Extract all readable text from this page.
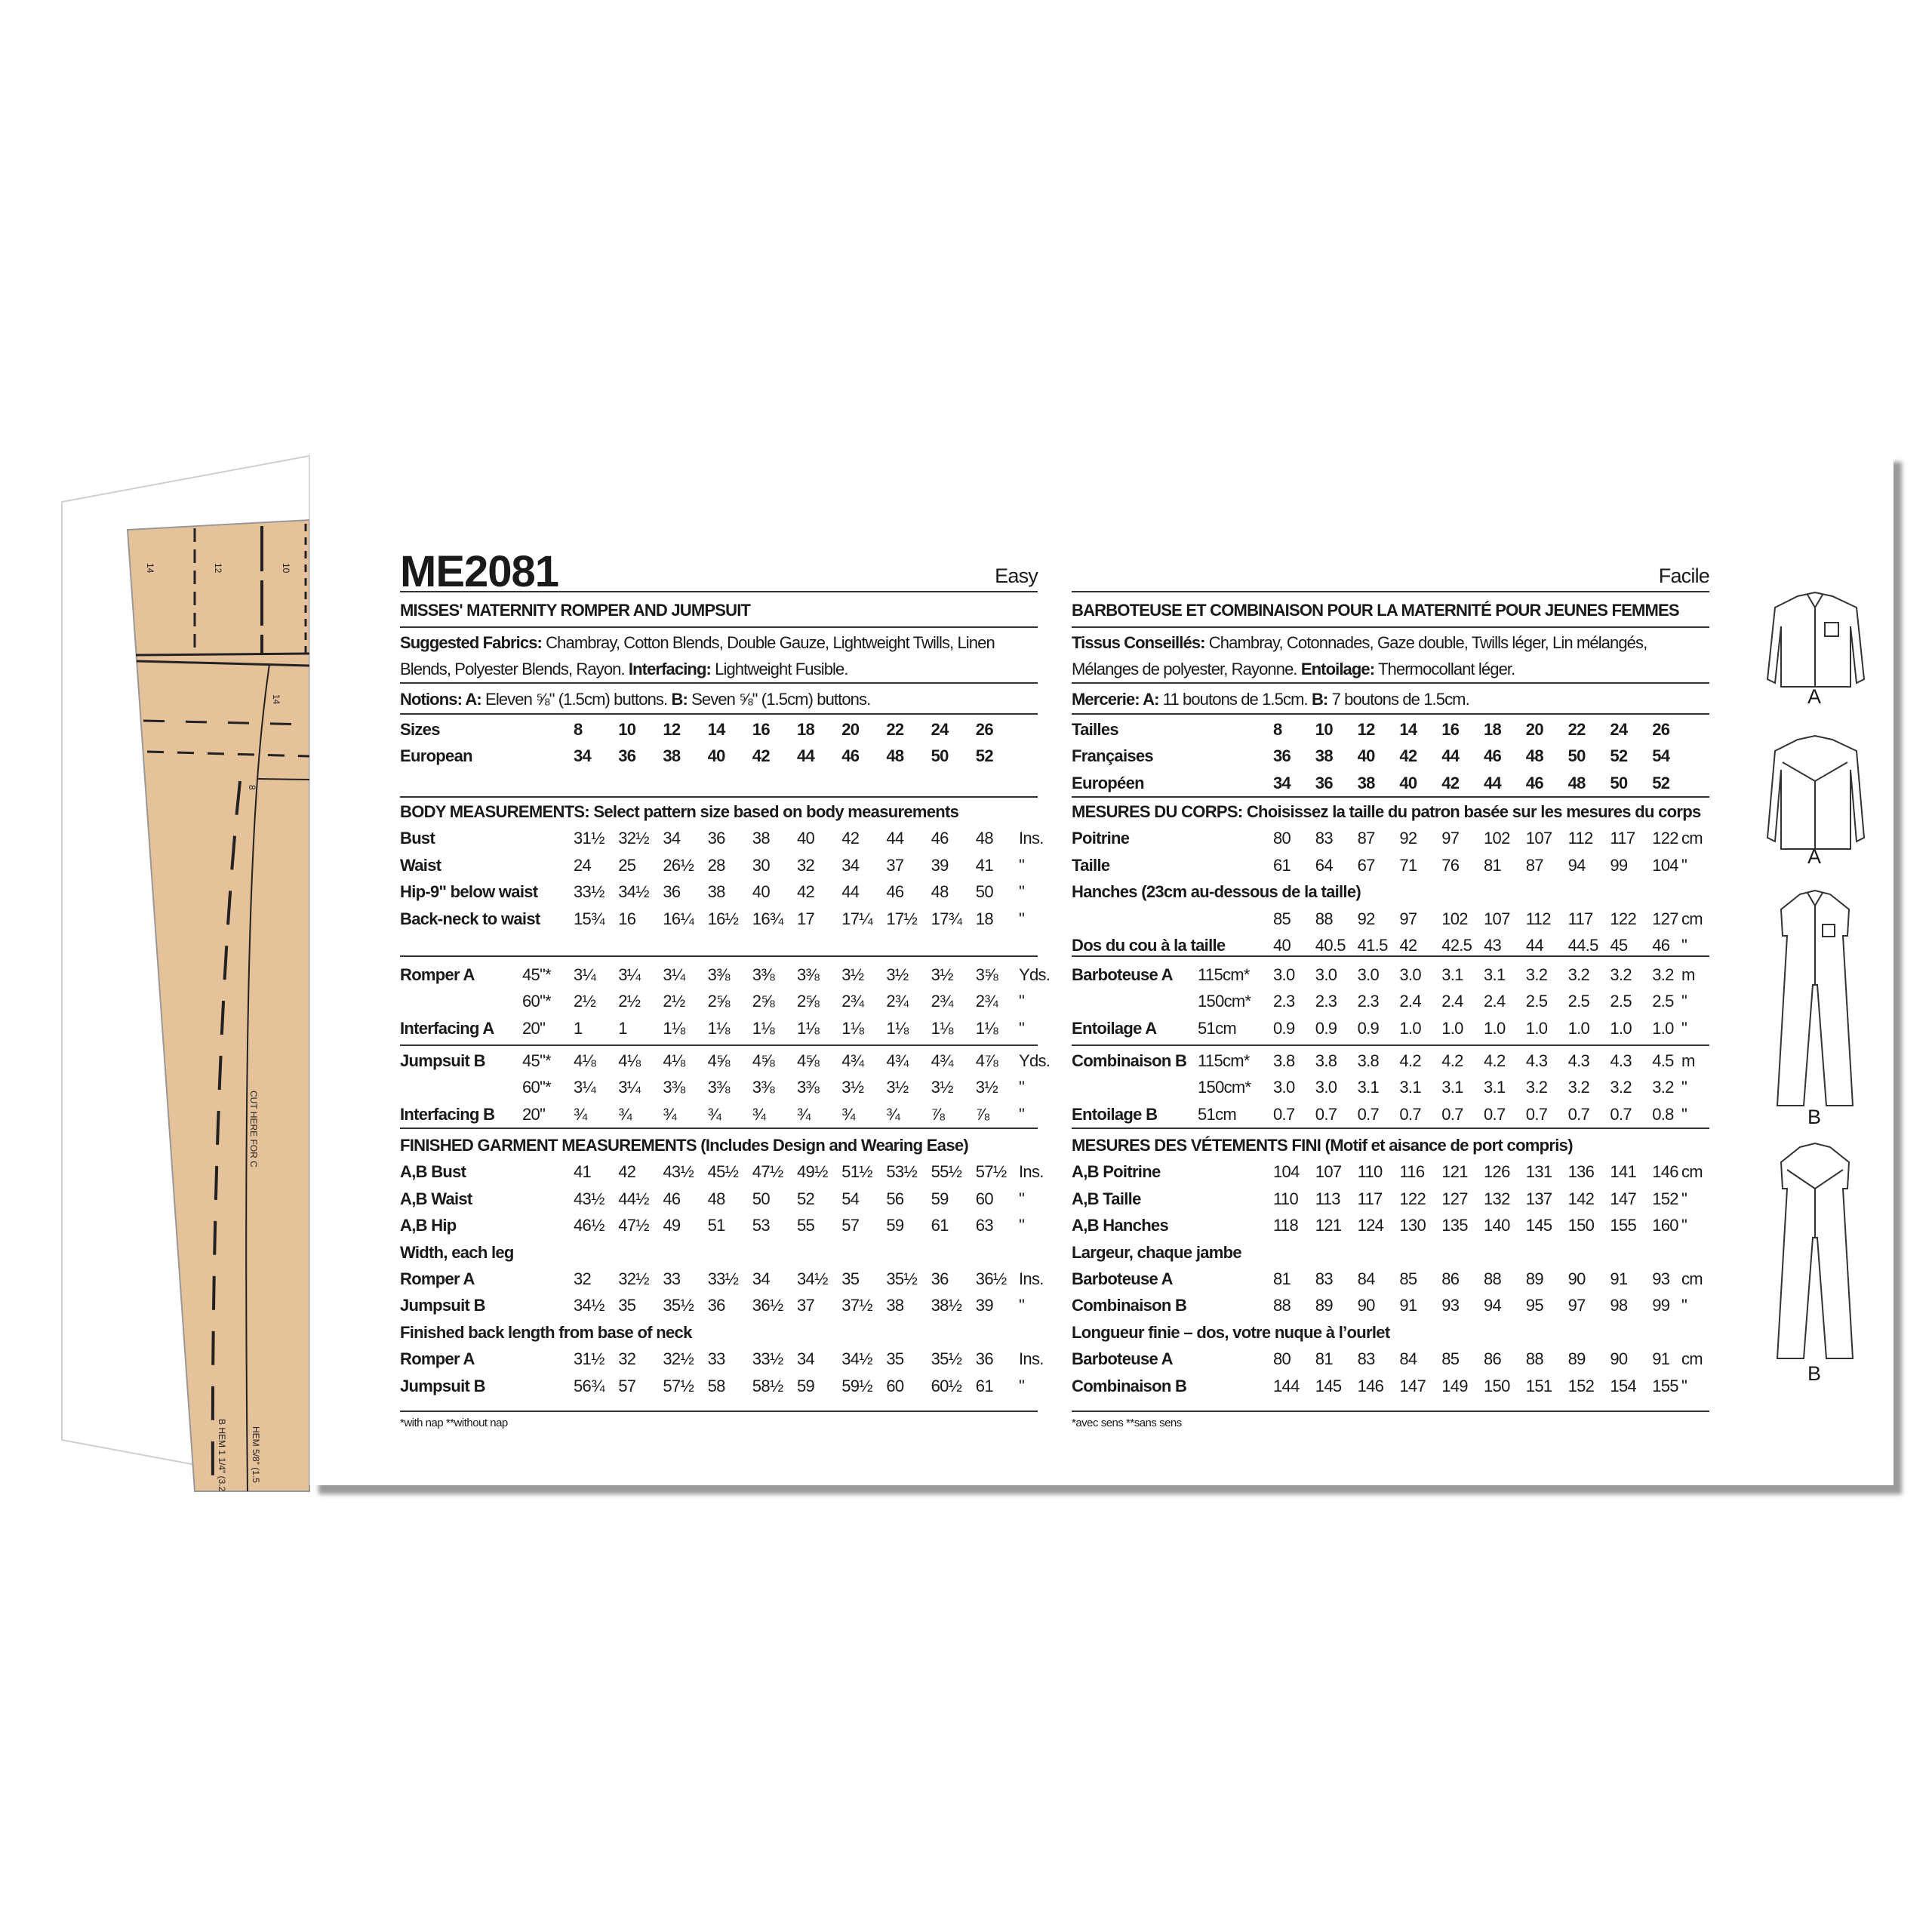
14	12	10
14
8
CUT HERE FOR C
B HEM 1 1/4" (3.2	HEM 5/8" (1.5
ME2081	Easy
MISSES' MATERNITY ROMPER AND JUMPSUIT
Suggested Fabrics: Chambray, Cotton Blends, Double Gauze, Lightweight Twills, Linen Blends, Polyester Blends, Rayon. Interfacing: Lightweight Fusible.
Notions: A: Eleven ⅝" (1.5cm) buttons. B: Seven ⅝" (1.5cm) buttons.
Sizes	8 10 12 14 16 18 20 22 24 26
European	34 36 38 40 42 44 46 48 50 52
BODY MEASUREMENTS: Select pattern size based on body measurements
Bust	31½ 32½ 34 36 38 40 42 44 46 48 Ins.
Waist	24 25 26½ 28 30 32 34 37 39 41 "
Hip-9" below waist 33½ 34½ 36 38 40 42 44 46 48 50 "
Back-neck to waist 15¾ 16 16¼ 16½ 16¾ 17 17¼ 17½ 17¾ 18 "
Romper A	45"* 3¼ 3¼ 3¼ 3⅜ 3⅜ 3⅜ 3½ 3½ 3½ 3⅝ Yds.
60"* 2½ 2½ 2½ 2⅝ 2⅝ 2⅝ 2¾ 2¾ 2¾ 2¾ "
Interfacing A 20" 1 1 1⅛ 1⅛ 1⅛ 1⅛ 1⅛ 1⅛ 1⅛ 1⅛ "
Jumpsuit B 45"* 4⅛ 4⅛ 4⅛ 4⅝ 4⅝ 4⅝ 4¾ 4¾ 4¾ 4⅞ Yds.
60"* 3¼ 3¼ 3⅜ 3⅜ 3⅜ 3⅜ 3½ 3½ 3½ 3½ "
Interfacing B 20" ¾ ¾ ¾ ¾ ¾ ¾ ¾ ¾ ⅞ ⅞ "
FINISHED GARMENT MEASUREMENTS (Includes Design and Wearing Ease)
A,B Bust	41 42 43½ 45½ 47½ 49½ 51½ 53½ 55½ 57½ Ins.
A,B Waist	43½ 44½ 46 48 50 52 54 56 59 60 "
A,B Hip	46½ 47½ 49 51 53 55 57 59 61 63 "
Width, each leg
Romper A	32 32½ 33 33½ 34 34½ 35 35½ 36 36½ Ins.
Jumpsuit B	34½ 35 35½ 36 36½ 37 37½ 38 38½ 39 "
Finished back length from base of neck
Romper A	31½ 32 32½ 33 33½ 34 34½ 35 35½ 36 Ins.
Jumpsuit B	56¾ 57 57½ 58 58½ 59 59½ 60 60½ 61 "
*with nap **without nap
Facile
BARBOTEUSE ET COMBINAISON POUR LA MATERNITÉ POUR JEUNES FEMMES
Tissus Conseillés: Chambray, Cotonnades, Gaze double, Twills léger, Lin mélangés, Mélanges de polyester, Rayonne. Entoilage: Thermocollant léger.
Mercerie: A: 11 boutons de 1.5cm. B: 7 boutons de 1.5cm.
Tailles	8 10 12 14 16 18 20 22 24 26
Françaises	36 38 40 42 44 46 48 50 52 54
Européen	34 36 38 40 42 44 46 48 50 52
MESURES DU CORPS: Choisissez la taille du patron basée sur les mesures du corps
Poitrine	80 83 87 92 97 102 107 112 117 122 cm
Taille	61 64 67 71 76 81 87 94 99 104 "
Hanches (23cm au-dessous de la taille)
85 88 92 97 102 107 112 117 122 127 cm
Dos du cou à la taille	40 40.5 41.5 42 42.5 43 44 44.5 45 46 "
Barboteuse A 115cm* 3.0 3.0 3.0 3.0 3.1 3.1 3.2 3.2 3.2 3.2 m
150cm* 2.3 2.3 2.3 2.4 2.4 2.4 2.5 2.5 2.5 2.5 "
Entoilage A 51cm 0.9 0.9 0.9 1.0 1.0 1.0 1.0 1.0 1.0 1.0 "
Combinaison B 115cm* 3.8 3.8 3.8 4.2 4.2 4.2 4.3 4.3 4.3 4.5 m
150cm* 3.0 3.0 3.1 3.1 3.1 3.1 3.2 3.2 3.2 3.2 "
Entoilage B 51cm 0.7 0.7 0.7 0.7 0.7 0.7 0.7 0.7 0.7 0.8 "
MESURES DES VÉTEMENTS FINI (Motif et aisance de port compris)
A,B Poitrine	104 107 110 116 121 126 131 136 141 146 cm
A,B Taille	110 113 117 122 127 132 137 142 147 152 "
A,B Hanches	118 121 124 130 135 140 145 150 155 160 "
Largeur, chaque jambe
Barboteuse A	81 83 84 85 86 88 89 90 91 93 cm
Combinaison B	88 89 90 91 93 94 95 97 98 99 "
Longueur finie – dos, votre nuque à l’ourlet
Barboteuse A	80 81 83 84 85 86 88 89 90 91 cm
Combinaison B	144 145 146 147 149 150 151 152 154 155 "
*avec sens **sans sens
A
A
B
B
